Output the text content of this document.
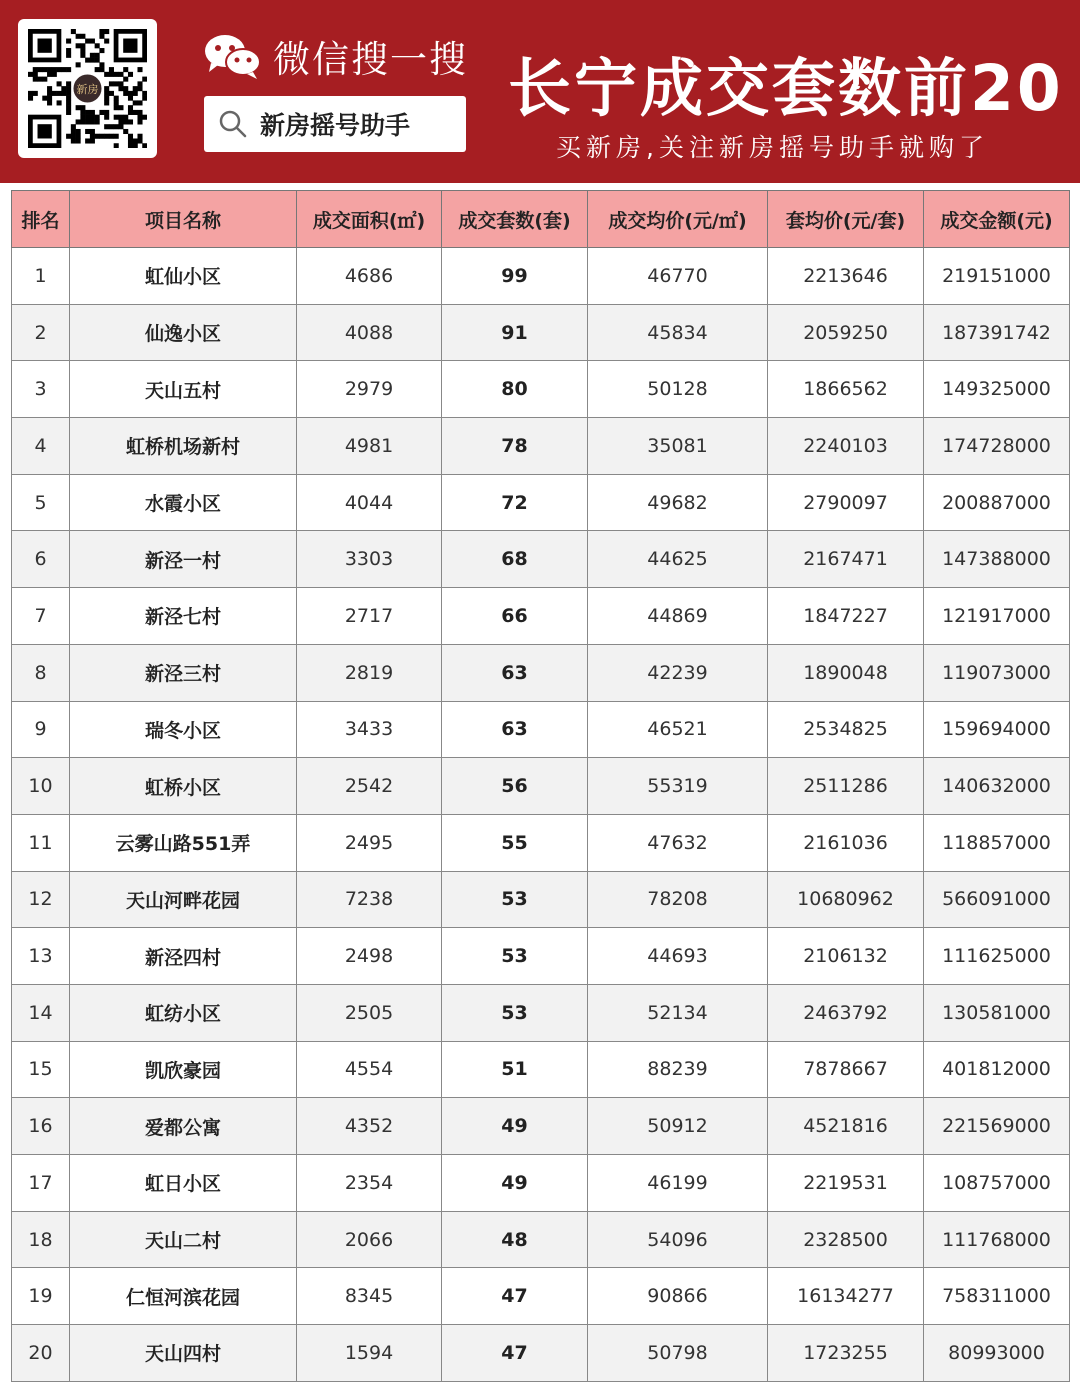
新房
微信搜一搜
新房摇号助手
长宁成交套数前20
买新房,关注新房摇号助手就购了
排名	项目名称	成交面积(㎡)	成交套数(套)	成交均价(元/㎡)	套均价(元/套)	成交金额(元)
1	虹仙小区	4686	99	46770	2213646	219151000
2	仙逸小区	4088	91	45834	2059250	187391742
3	天山五村	2979	80	50128	1866562	149325000
4	虹桥机场新村	4981	78	35081	2240103	174728000
5	水霞小区	4044	72	49682	2790097	200887000
6	新泾一村	3303	68	44625	2167471	147388000
7	新泾七村	2717	66	44869	1847227	121917000
8	新泾三村	2819	63	42239	1890048	119073000
9	瑞冬小区	3433	63	46521	2534825	159694000
10	虹桥小区	2542	56	55319	2511286	140632000
11	云雾山路551弄	2495	55	47632	2161036	118857000
12	天山河畔花园	7238	53	78208	10680962	566091000
13	新泾四村	2498	53	44693	2106132	111625000
14	虹纺小区	2505	53	52134	2463792	130581000
15	凯欣豪园	4554	51	88239	7878667	401812000
16	爱都公寓	4352	49	50912	4521816	221569000
17	虹日小区	2354	49	46199	2219531	108757000
18	天山二村	2066	48	54096	2328500	111768000
19	仁恒河滨花园	8345	47	90866	16134277	758311000
20	天山四村	1594	47	50798	1723255	80993000
